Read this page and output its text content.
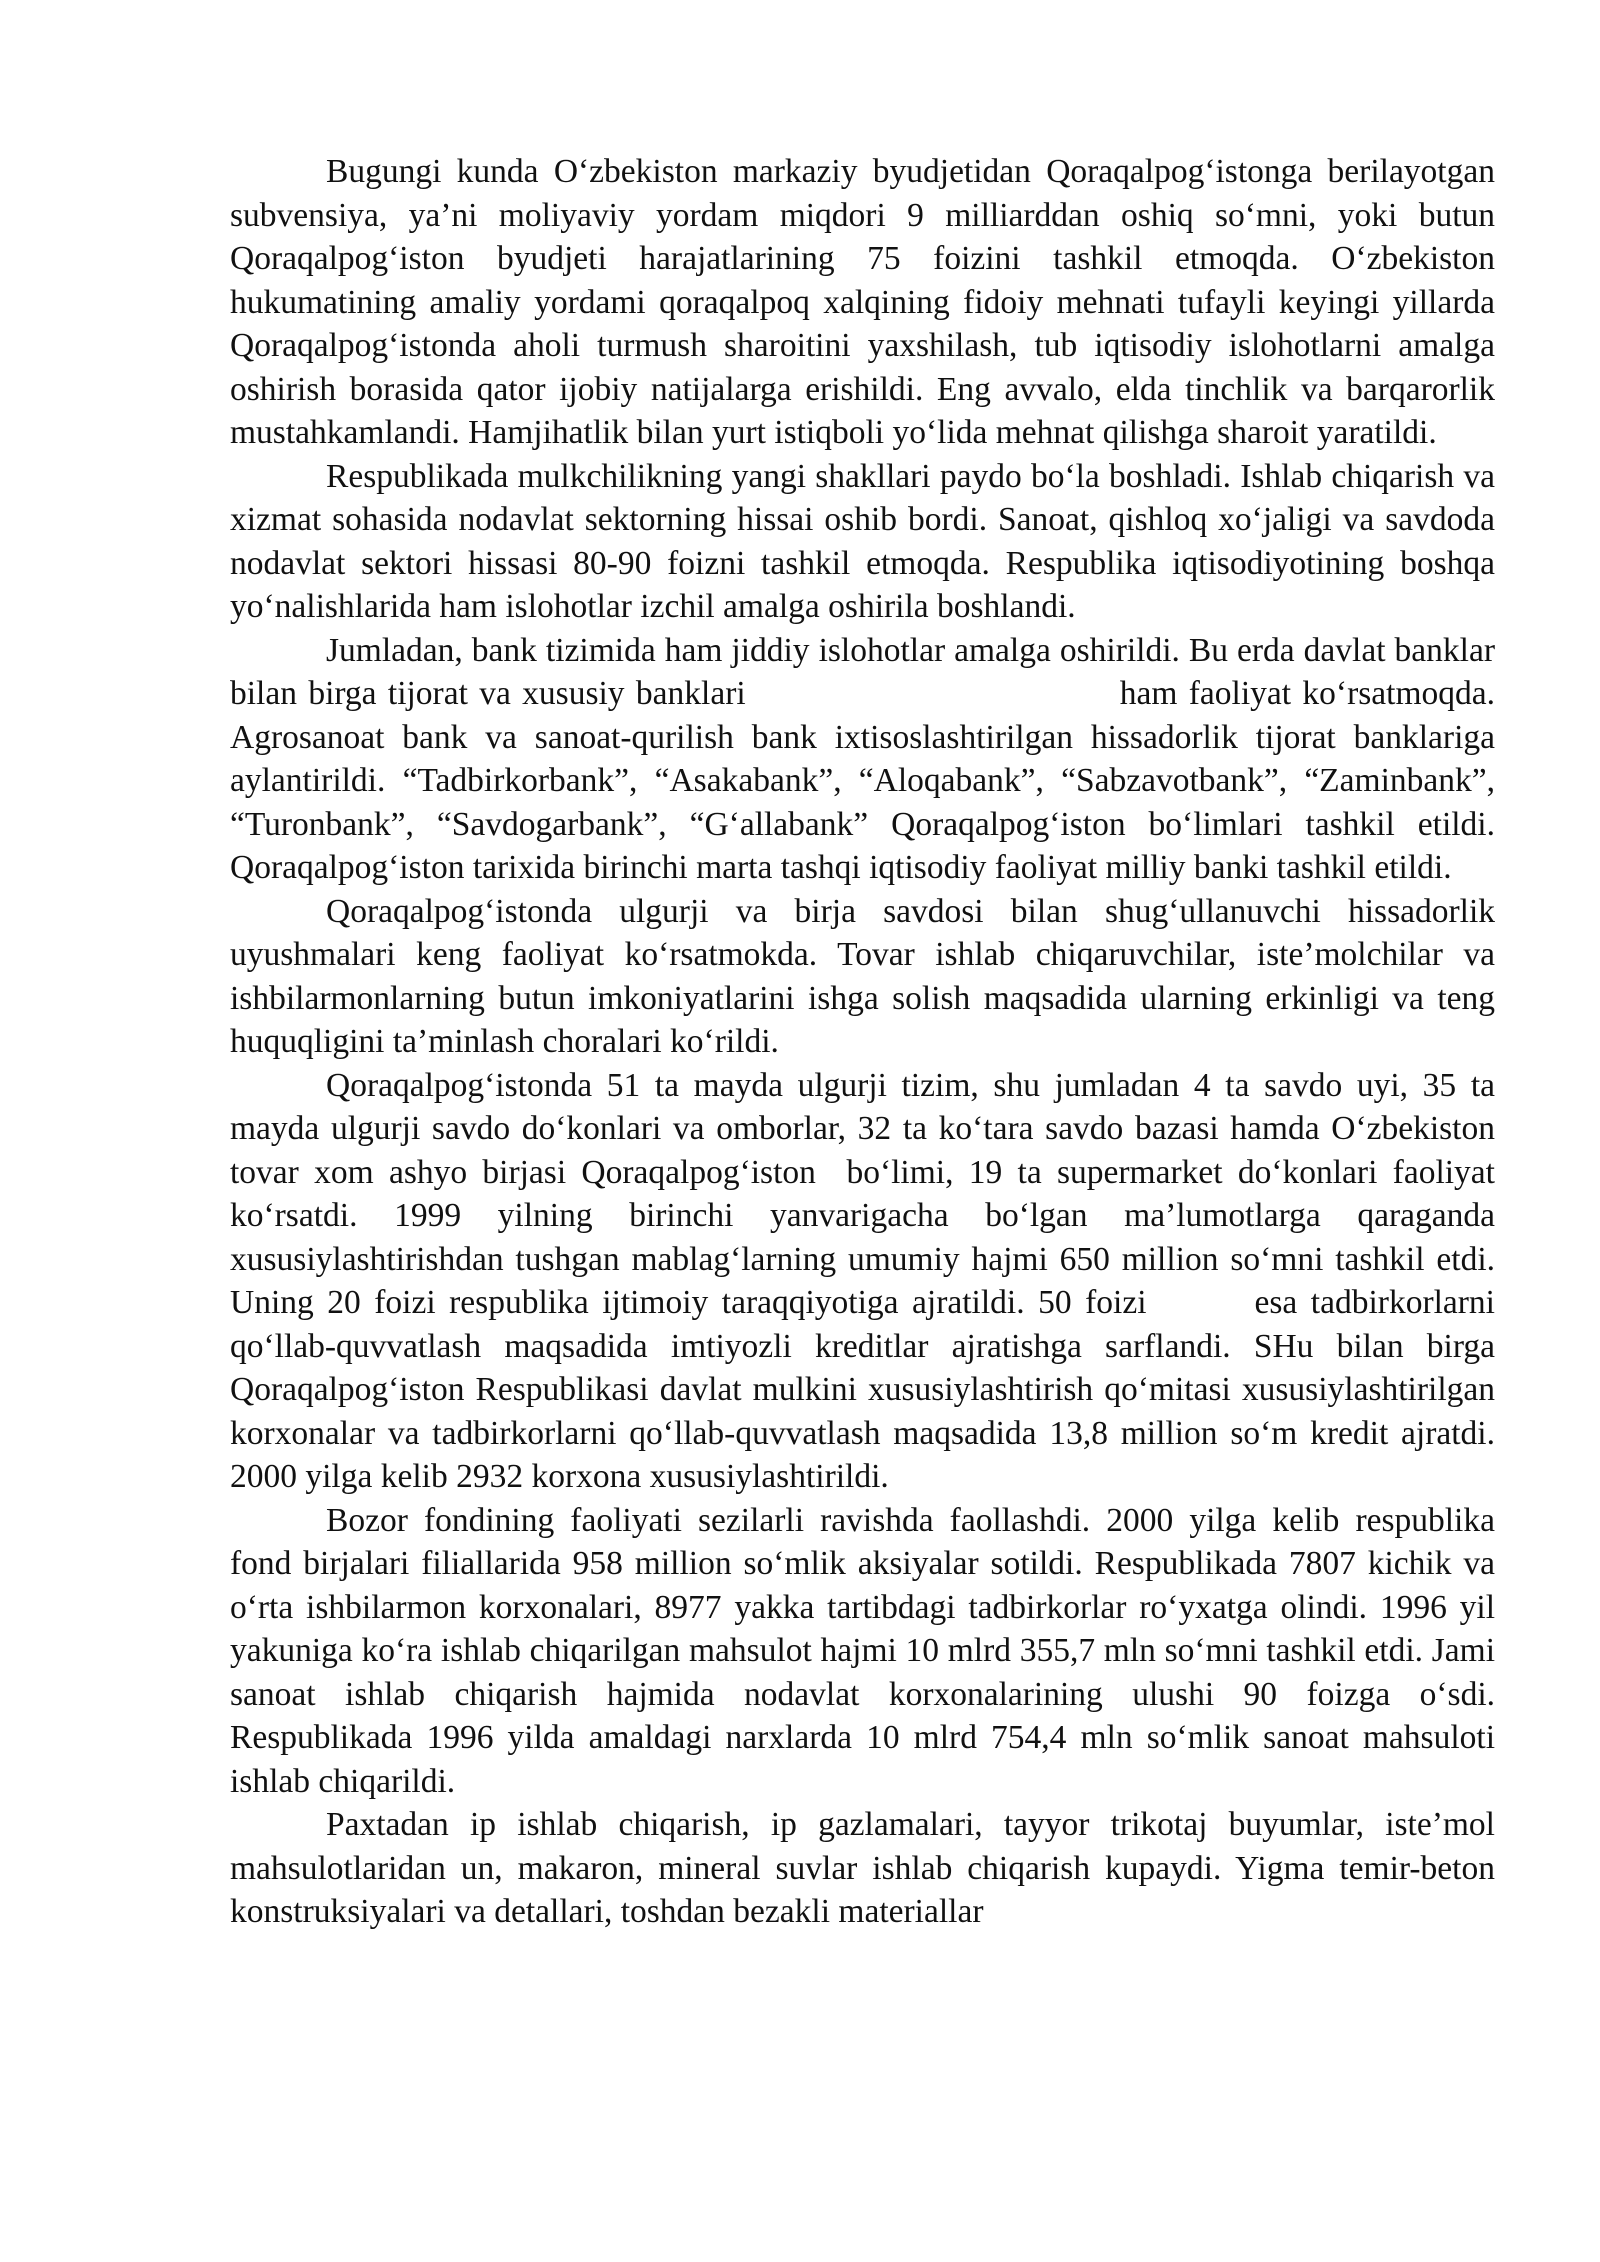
Bugungi kunda O‘zbekiston markaziy byudjetidan Qoraqalpog‘istonga berilayotgan subvensiya, ya’ni moliyaviy yordam miqdori 9 milliarddan oshiq so‘mni, yoki butun Qoraqalpog‘iston byudjeti harajatlarining 75 foizini tashkil etmoqda. O‘zbekiston hukumatining amaliy yordami qoraqalpoq xalqining fidoiy mehnati tufayli keyingi yillarda Qoraqalpog‘istonda aholi turmush sharoitini yaxshilash, tub iqtisodiy islohotlarni amalga oshirish borasida qator ijobiy natijalarga erishildi. Eng avvalo, elda tinchlik va barqarorlik mustahkamlandi. Hamjihatlik bilan yurt istiqboli yo‘lida mehnat qilishga sharoit yaratildi.

Respublikada mulkchilikning yangi shakllari paydo bo‘la boshladi. Ishlab chiqarish va xizmat sohasida nodavlat sektorning hissai oshib bordi. Sanoat, qishloq xo‘jaligi va savdoda nodavlat sektori hissasi 80-90 foizni tashkil etmoqda. Respublika iqtisodiyotining boshqa yo‘nalishlarida ham islohotlar izchil amalga oshirila boshlandi.

Jumladan, bank tizimida ham jiddiy islohotlar amalga oshirildi. Bu erda davlat banklar bilan birga tijorat va xususiy banklari                                 ham faoliyat ko‘rsatmoqda. Agrosanoat bank va sanoat-qurilish bank ixtisoslashtirilgan hissadorlik tijorat banklariga aylantirildi. “Tadbirkorbank”, “Asakabank”, “Aloqabank”, “Sabzavotbank”, “Zaminbank”, “Turonbank”, “Savdogarbank”, “G‘allabank” Qoraqalpog‘iston bo‘limlari tashkil etildi. Qoraqalpog‘iston tarixida birinchi marta tashqi iqtisodiy faoliyat milliy banki tashkil etildi.

Qoraqalpog‘istonda ulgurji va birja savdosi bilan shug‘ullanuvchi hissadorlik uyushmalari keng faoliyat ko‘rsatmokda. Tovar ishlab chiqaruvchilar, iste’molchilar va ishbilarmonlarning butun imkoniyatlarini ishga solish maqsadida ularning erkinligi va teng huquqligini ta’minlash choralari ko‘rildi.

Qoraqalpog‘istonda 51 ta mayda ulgurji tizim, shu jumladan 4 ta savdo uyi, 35 ta mayda ulgurji savdo do‘konlari va omborlar, 32 ta ko‘tara savdo bazasi hamda O‘zbekiston tovar xom ashyo birjasi Qoraqalpog‘iston  bo‘limi, 19 ta supermarket do‘konlari faoliyat ko‘rsatdi. 1999 yilning birinchi yanvarigacha bo‘lgan ma’lumotlarga qaraganda xususiylashtirishdan tushgan mablag‘larning umumiy hajmi 650 million so‘mni tashkil etdi. Uning 20 foizi respublika ijtimoiy taraqqiyotiga ajratildi. 50 foizi        esa tadbirkorlarni qo‘llab-quvvatlash maqsadida imtiyozli kreditlar ajratishga sarflandi. SHu bilan birga Qoraqalpog‘iston Respublikasi davlat mulkini xususiylashtirish qo‘mitasi xususiylashtirilgan korxonalar va tadbirkorlarni qo‘llab-quvvatlash maqsadida 13,8 million so‘m kredit ajratdi. 2000 yilga kelib 2932 korxona xususiylashtirildi.

Bozor fondining faoliyati sezilarli ravishda faollashdi. 2000 yilga kelib respublika fond birjalari filiallarida 958 million so‘mlik aksiyalar sotildi. Respublikada 7807 kichik va o‘rta ishbilarmon korxonalari, 8977 yakka tartibdagi tadbirkorlar ro‘yxatga olindi. 1996 yil yakuniga ko‘ra ishlab chiqarilgan mahsulot hajmi 10 mlrd 355,7 mln so‘mni tashkil etdi. Jami sanoat ishlab chiqarish hajmida nodavlat korxonalarining ulushi 90 foizga o‘sdi. Respublikada 1996 yilda amaldagi narxlarda 10 mlrd 754,4 mln so‘mlik sanoat mahsuloti ishlab chiqarildi.

Paxtadan ip ishlab chiqarish, ip gazlamalari, tayyor trikotaj buyumlar, iste’mol mahsulotlaridan un, makaron, mineral suvlar ishlab chiqarish kupaydi. Yigma temir-beton konstruksiyalari va detallari, toshdan bezakli materiallar
